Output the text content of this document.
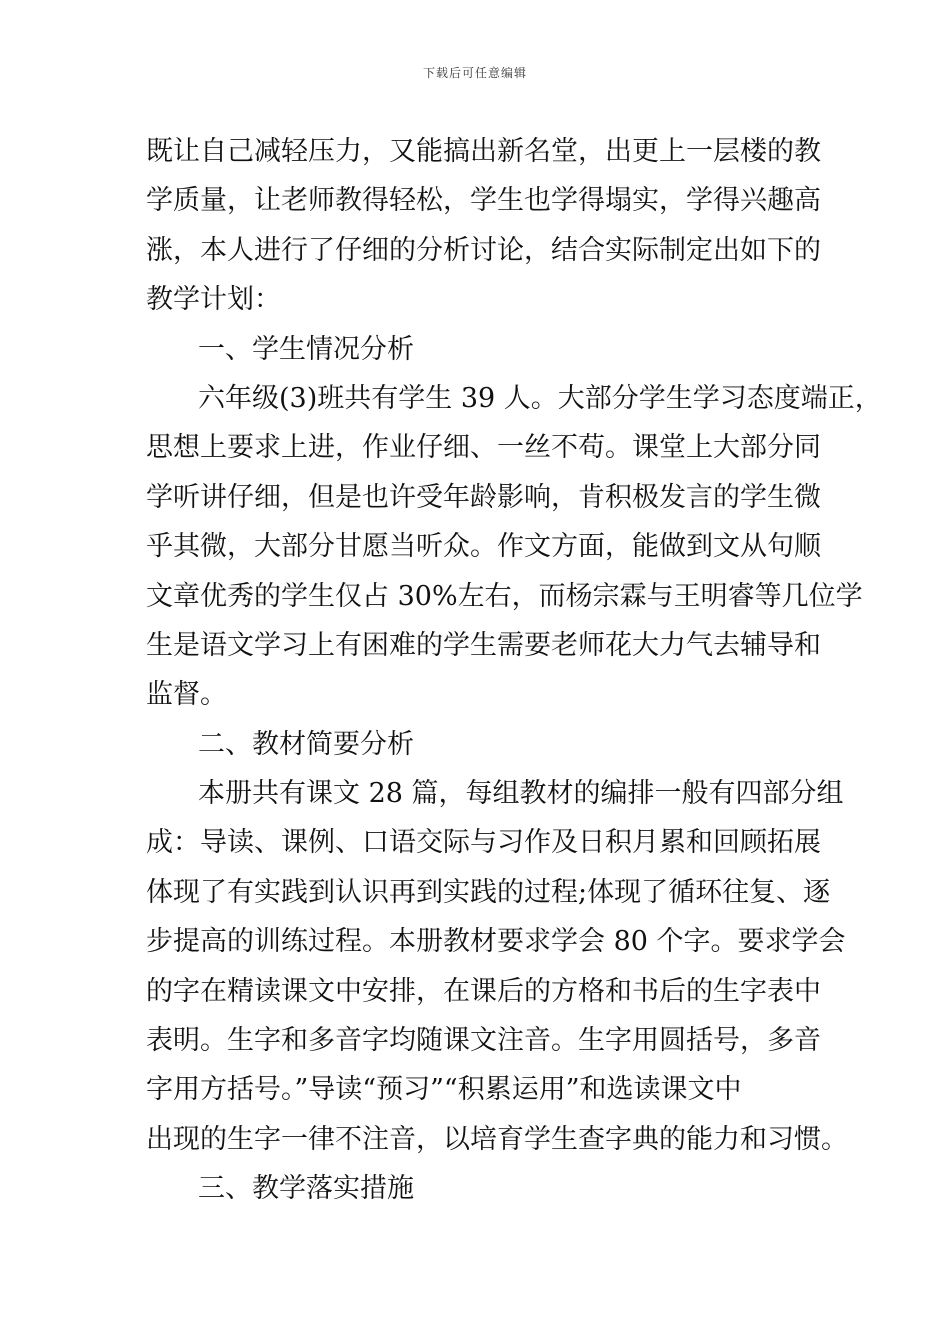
下载后可任意编辑
既让自己减轻压力，又能搞出新名堂，出更上一层楼的教
学质量，让老师教得轻松，学生也学得塌实，学得兴趣高
涨，本人进行了仔细的分析讨论，结合实际制定出如下的
教学计划：
一、学生情况分析
六年级(3)班共有学生 39 人。大部分学生学习态度端正，
思想上要求上进，作业仔细、一丝不苟。课堂上大部分同
学听讲仔细，但是也许受年龄影响，肯积极发言的学生微
乎其微，大部分甘愿当听众。作文方面，能做到文从句顺
文章优秀的学生仅占 30%左右，而杨宗霖与王明睿等几位学
生是语文学习上有困难的学生需要老师花大力气去辅导和
监督。
二、教材简要分析
本册共有课文 28 篇，每组教材的编排一般有四部分组
成：导读、课例、口语交际与习作及日积月累和回顾拓展
体现了有实践到认识再到实践的过程;体现了循环往复、逐
步提高的训练过程。本册教材要求学会 80 个字。要求学会
的字在精读课文中安排，在课后的方格和书后的生字表中
表明。生字和多音字均随课文注音。生字用圆括号，多音
字用方括号。”导读“预习”“积累运用”和选读课文中
出现的生字一律不注音，以培育学生查字典的能力和习惯。
三、教学落实措施
